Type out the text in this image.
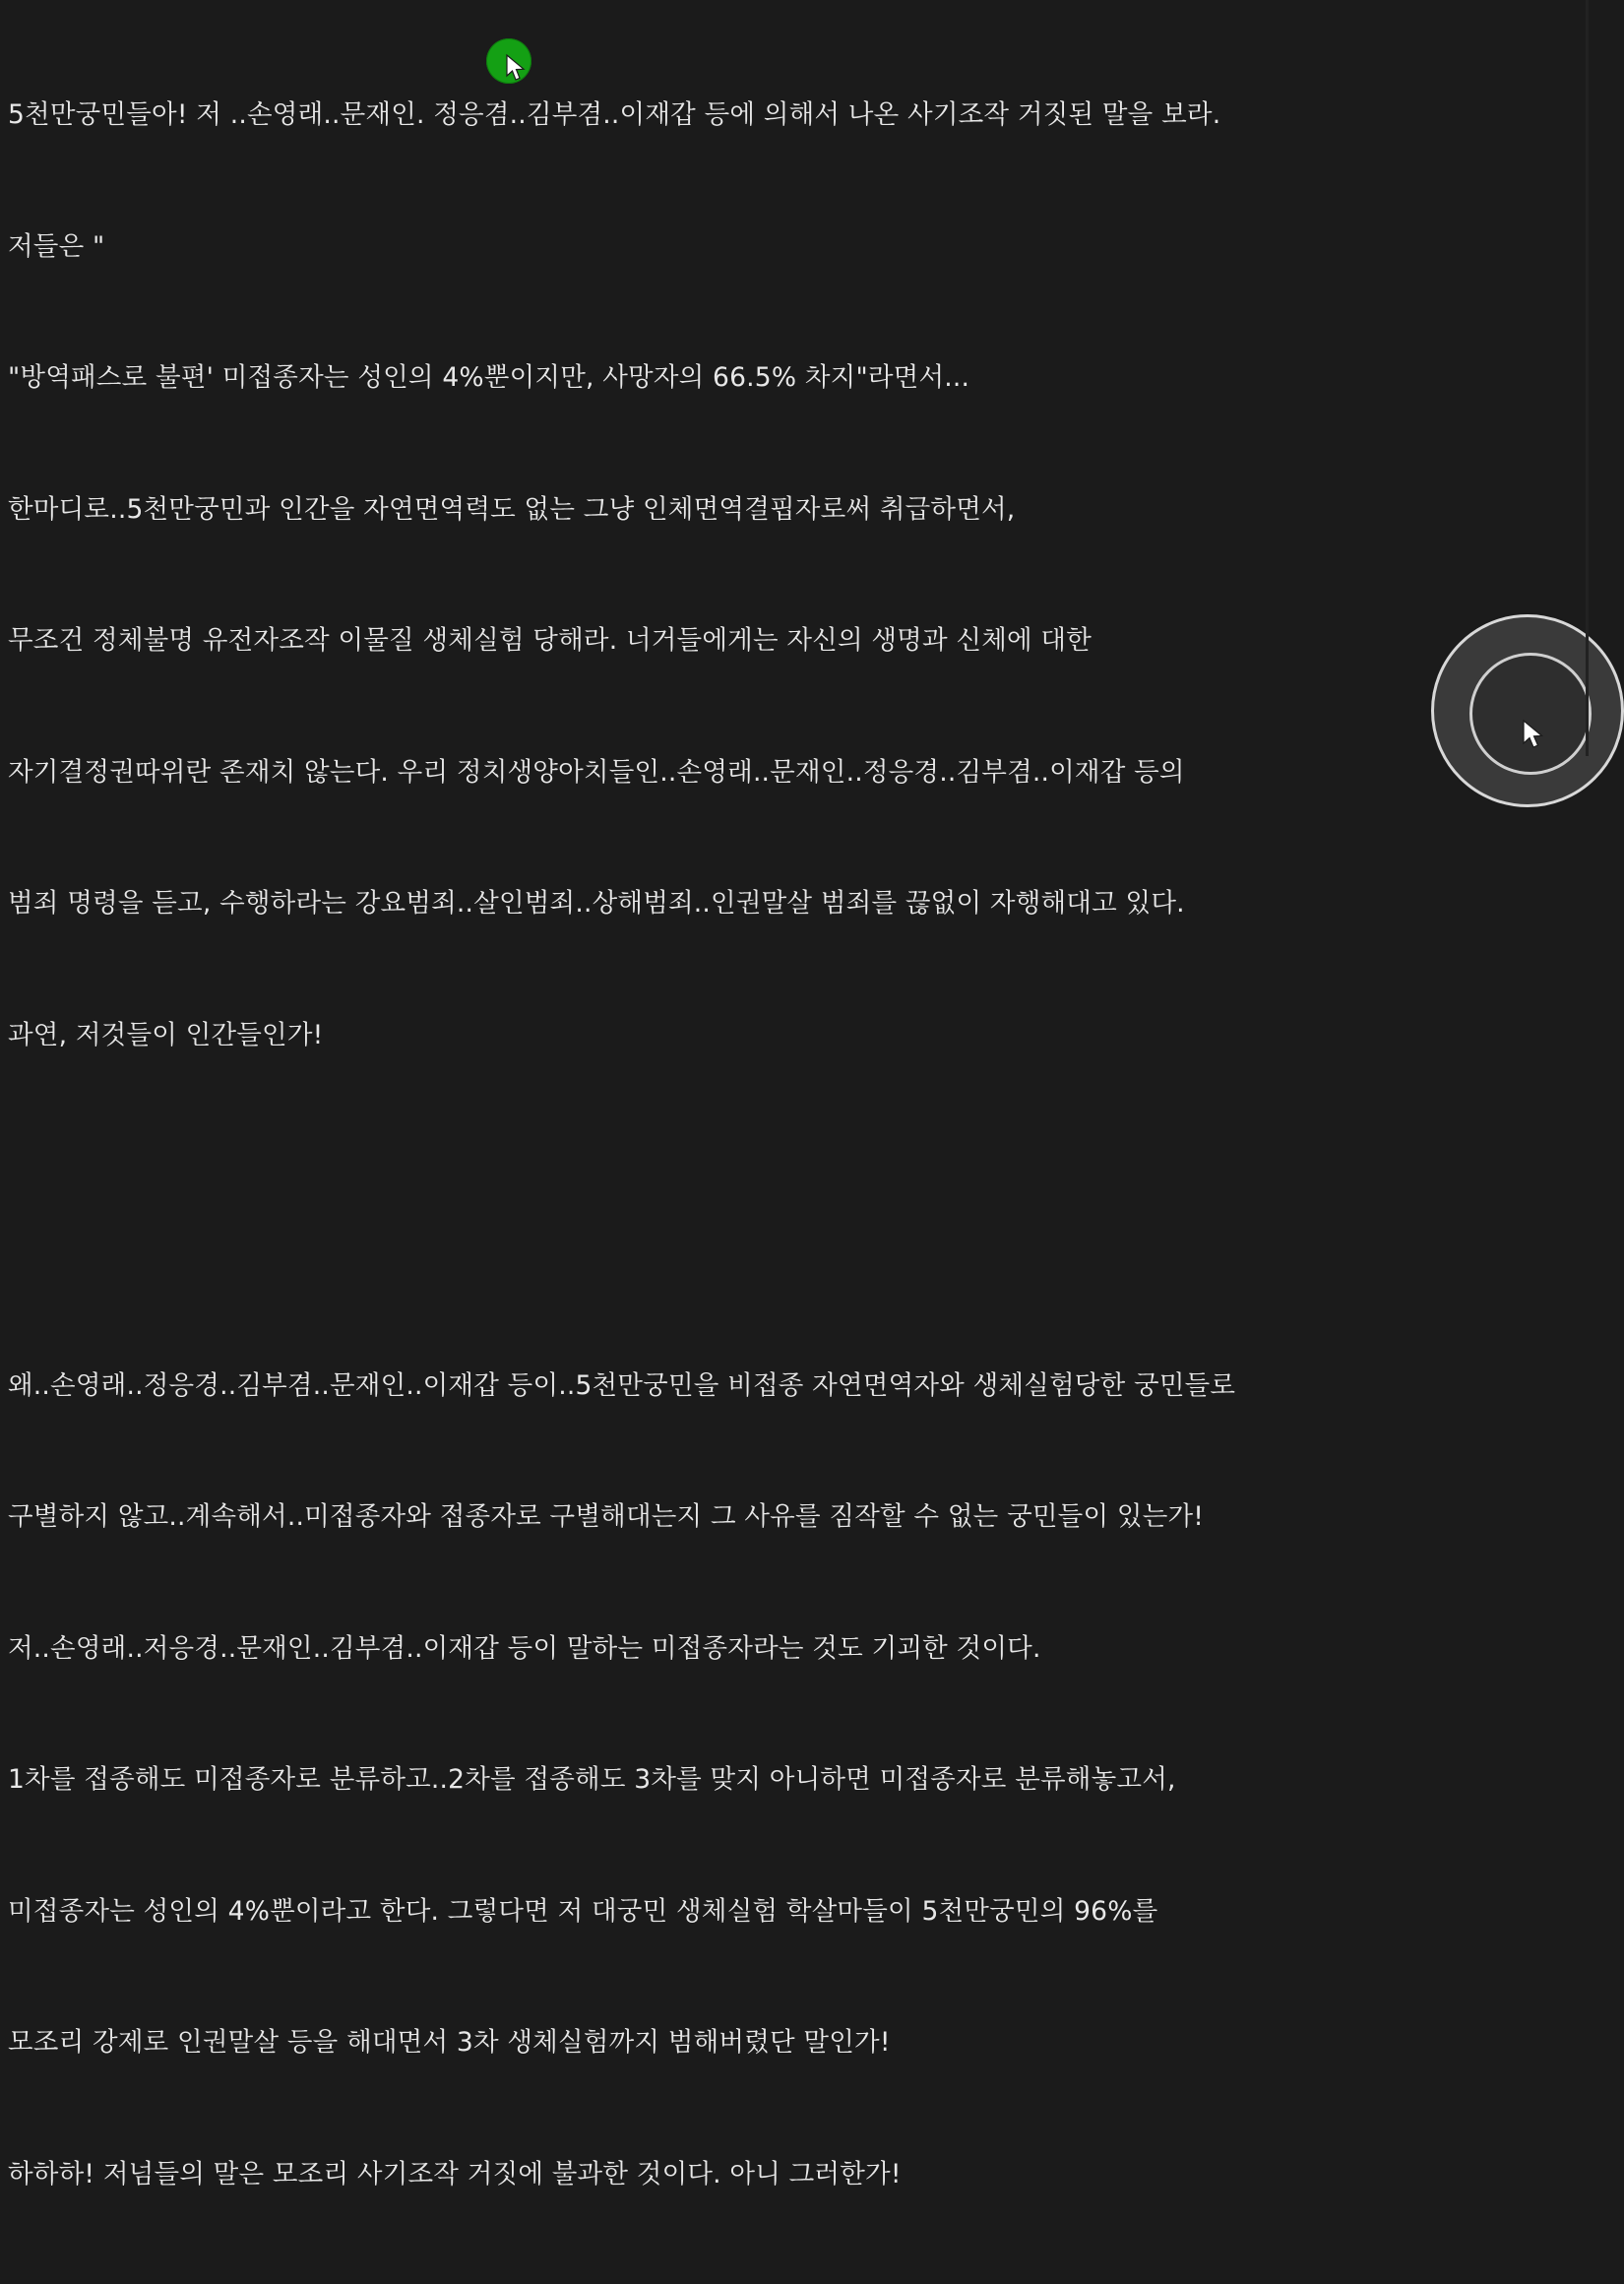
5천만궁민들아! 저 ..손영래..문재인. 정응겸..김부겸..이재갑 등에 의해서 나온 사기조작 거짓된 말을 보라.

저들은 "

"방역패스로 불편' 미접종자는 성인의 4%뿐이지만, 사망자의 66.5% 차지"라면서...

한마디로..5천만궁민과 인간을 자연면역력도 없는 그냥 인체면역결핍자로써 취급하면서,

무조건 정체불명 유전자조작 이물질 생체실험 당해라. 너거들에게는 자신의 생명과 신체에 대한

자기결정권따위란 존재치 않는다. 우리 정치생양아치들인..손영래..문재인..정응경..김부겸..이재갑 등의

범죄 명령을 듣고, 수행하라는 강요범죄..살인범죄..상해범죄..인권말살 범죄를 끊없이 자행해대고 있다.

과연, 저것들이 인간들인가!

왜..손영래..정응경..김부겸..문재인..이재갑 등이..5천만궁민을 비접종 자연면역자와 생체실험당한 궁민들로

구별하지 않고..계속해서..미접종자와 접종자로 구별해대는지 그 사유를 짐작할 수 없는 궁민들이 있는가!

저..손영래..저응경..문재인..김부겸..이재갑 등이 말하는 미접종자라는 것도 기괴한 것이다.

1차를 접종해도 미접종자로 분류하고..2차를 접종해도 3차를 맞지 아니하면 미접종자로 분류해놓고서,

미접종자는 성인의 4%뿐이라고 한다. 그렇다면 저 대궁민 생체실험 학살마들이 5천만궁민의 96%를

모조리 강제로 인권말살 등을 해대면서 3차 생체실험까지 범해버렸단 말인가!

하하하! 저넘들의 말은 모조리 사기조작 거짓에 불과한 것이다. 아니 그러한가!
